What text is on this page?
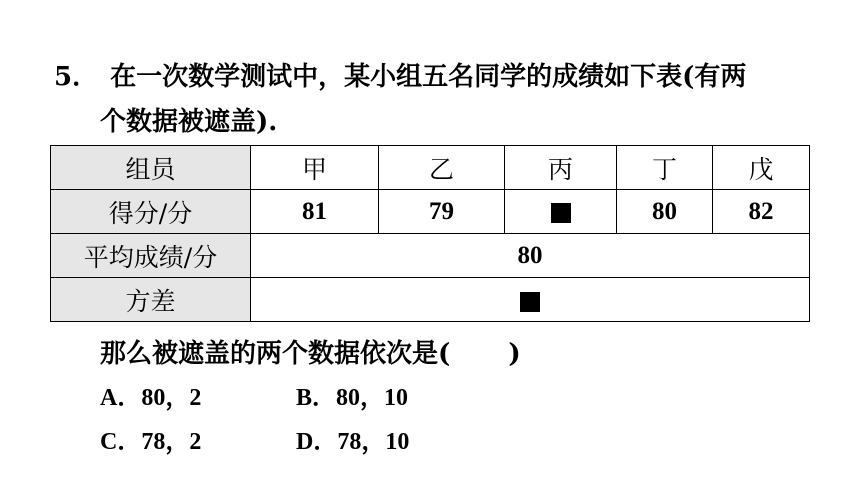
5． 在一次数学测试中，某小组五名同学的成绩如下表(有两
个数据被遮盖).
组员	甲	乙	丙	丁	戊
得分/分	81	79		80	82
平均成绩/分	80				
方差					
那么被遮盖的两个数据依次是( )
A．80，2	B．80，10
C．78，2	D．78，10
